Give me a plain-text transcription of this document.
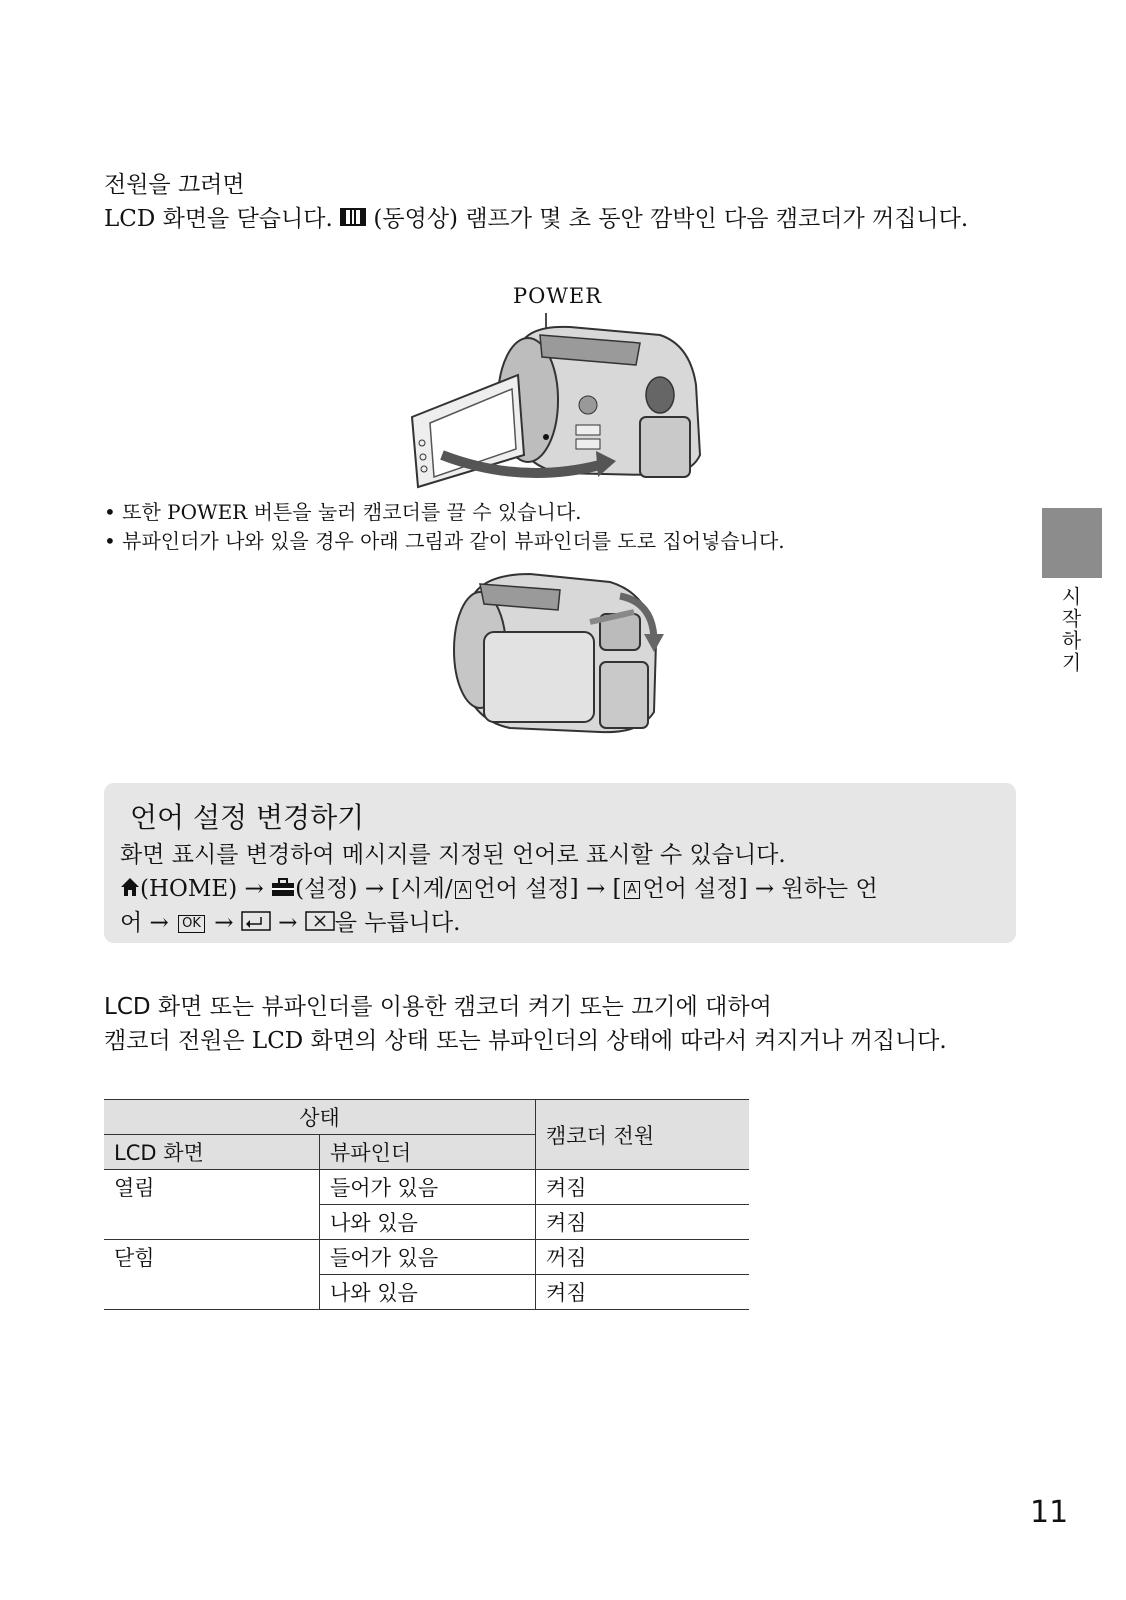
전원을 끄려면
LCD 화면을 닫습니다. (동영상) 램프가 몇 초 동안 깜박인 다음 캠코더가 꺼집니다.
POWER
• 또한 POWER 버튼을 눌러 캠코더를 끌 수 있습니다.
• 뷰파인더가 나와 있을 경우 아래 그림과 같이 뷰파인더를 도로 집어넣습니다.
시작하기
언어 설정 변경하기
화면 표시를 변경하여 메시지를 지정된 언어로 표시할 수 있습니다.
(HOME) → (설정) → [시계/ A 언어 설정] → [ A 언어 설정] → 원하는 언
어 → OK → → 을 누릅니다.
LCD 화면 또는 뷰파인더를 이용한 캠코더 켜기 또는 끄기에 대하여
캠코더 전원은 LCD 화면의 상태 또는 뷰파인더의 상태에 따라서 켜지거나 꺼집니다.
상태		캠코더 전원
LCD 화면	뷰파인더	
열림	들어가 있음	켜짐
	나와 있음	켜짐
닫힘	들어가 있음	꺼짐
	나와 있음	켜짐
11
